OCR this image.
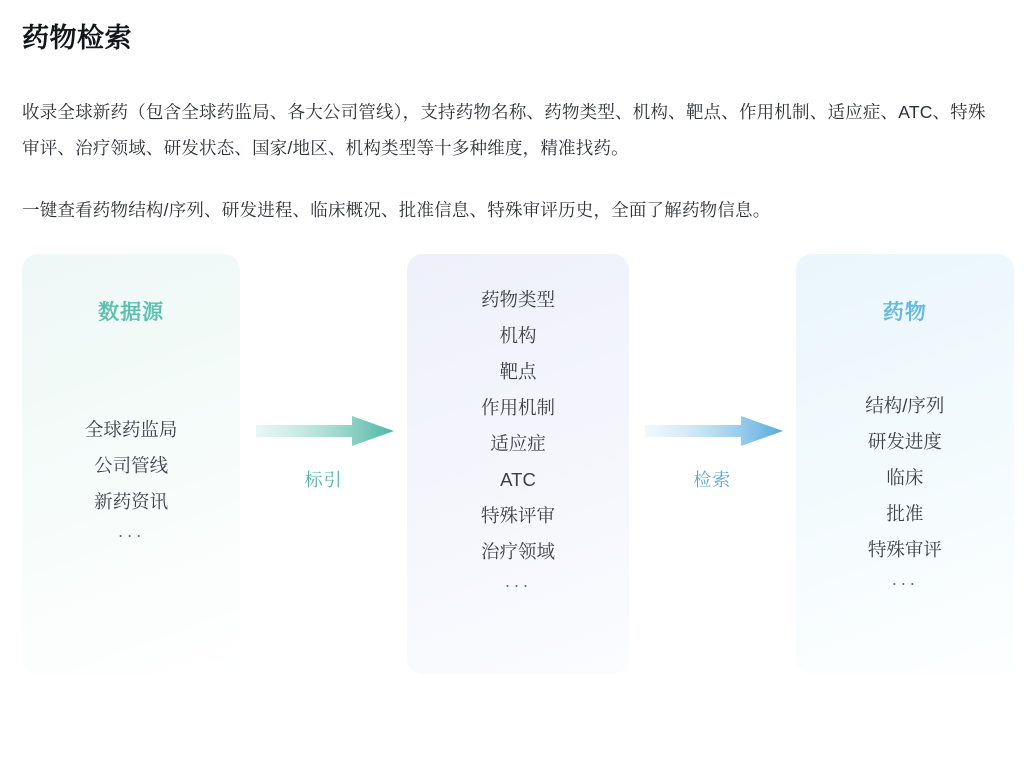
药物检索

收录全球新药（包含全球药监局、各大公司管线），支持药物名称、药物类型、机构、靶点、作用机制、适应症、ATC、特殊审评、治疗领域、研发状态、国家/地区、机构类型等十多种维度，精准找药。

一键查看药物结构/序列、研发进程、临床概况、批准信息、特殊审评历史，全面了解药物信息。

数据源
全球药监局
公司管线
新药资讯
···
标引
药物类型
机构
靶点
作用机制
适应症
ATC
特殊评审
治疗领域
···
检索
药物
结构/序列
研发进度
临床
批准
特殊审评
···
